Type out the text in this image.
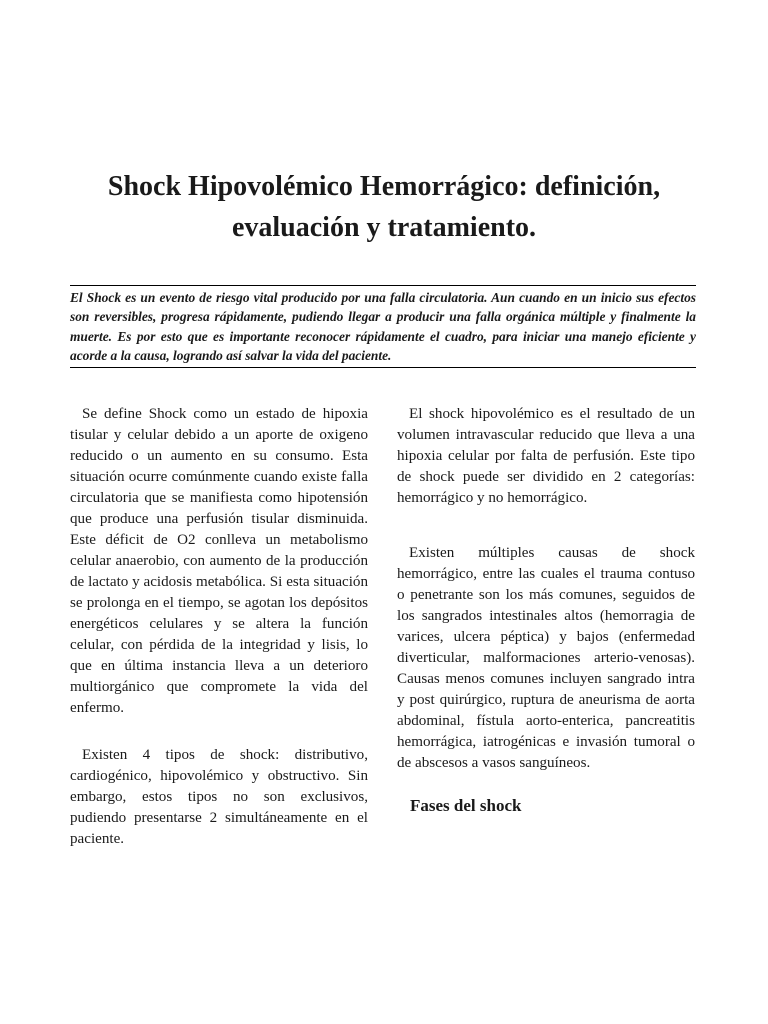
Shock Hipovolémico Hemorrágico: definición, evaluación y tratamiento.

El Shock es un evento de riesgo vital producido por una falla circulatoria. Aun cuando en un inicio sus efectos son reversibles, progresa rápidamente, pudiendo llegar a producir una falla orgánica múltiple y finalmente la muerte. Es por esto que es importante reconocer rápidamente el cuadro, para iniciar una manejo eficiente y acorde a la causa, logrando así salvar la vida del paciente.

Se define Shock como un estado de hipoxia tisular y celular debido a un aporte de oxigeno reducido o un aumento en su consumo. Esta situación ocurre comúnmente cuando existe falla circulatoria que se manifiesta como hipotensión que produce una perfusión tisular disminuida. Este déficit de O2 conlleva un metabolismo celular anaerobio, con aumento de la producción de lactato y acidosis metabólica. Si esta situación se prolonga en el tiempo, se agotan los depósitos energéticos celulares y se altera la función celular, con pérdida de la integridad y lisis, lo que en última instancia lleva a un deterioro multiorgánico que compromete la vida del enfermo.

Existen 4 tipos de shock: distributivo, cardiogénico, hipovolémico y obstructivo. Sin embargo, estos tipos no son exclusivos, pudiendo presentarse 2 simultáneamente en el paciente.

El shock hipovolémico es el resultado de un volumen intravascular reducido que lleva a una hipoxia celular por falta de perfusión. Este tipo de shock puede ser dividido en 2 categorías: hemorrágico y no hemorrágico.

Existen múltiples causas de shock hemorrágico, entre las cuales el trauma contuso o penetrante son los más comunes, seguidos de los sangrados intestinales altos (hemorragia de varices, ulcera péptica) y bajos (enfermedad diverticular, malformaciones arterio-venosas). Causas menos comunes incluyen sangrado intra y post quirúrgico, ruptura de aneurisma de aorta abdominal, fístula aorto-enterica, pancreatitis hemorrágica, iatrogénicas e invasión tumoral o de abscesos a vasos sanguíneos.

Fases del shock
